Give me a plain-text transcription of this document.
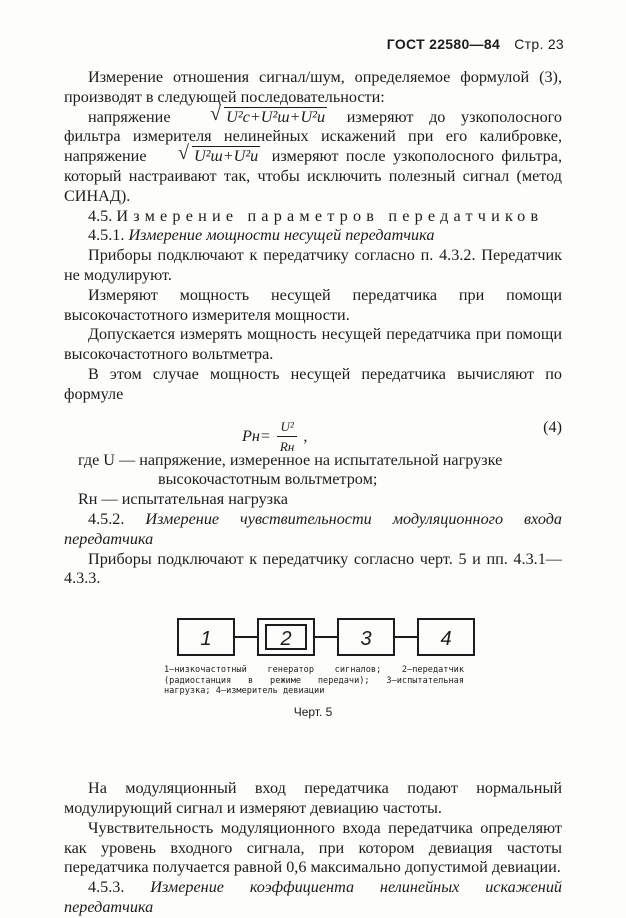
ГОСТ 22580—84 Стр. 23

Измерение отношения сигнал/шум, определяемое формулой (3), производят в следующей последовательности:

напряжение	√ U²с+U²ш+U²и измеряют до узкополосного фильтра измерителя нелинейных искажений при его калибровке, напряжение	√ U²ш+U²и измеряют после узкополосного фильтра, который настраивают так, чтобы исключить полезный сигнал (метод СИНАД).

4.5. Измерение параметров передатчиков

4.5.1. Измерение мощности несущей передатчика

Приборы подключают к передатчику согласно п. 4.3.2. Передатчик не модулируют.

Измеряют мощность несущей передатчика при помощи высокочастотного измерителя мощности.

Допускается измерять мощность несущей передатчика при помощи высокочастотного вольтметра.

В этом случае мощность несущей передатчика вычисляют по формуле

$Pн= \frac{\text{U²}}{Rн}$ ,
(4)

где U — напряжение, измеренное на испытательной нагрузке

высокочастотным вольтметром;

Rн — испытательная нагрузка

4.5.2. Измерение чувствительности модуляционного входа передатчика

Приборы подключают к передатчику согласно черт. 5 и пп. 4.3.1—4.3.3.

1	2	3	4
1—низкочастотный генератор сигналов; 2—передатчик (радиостанция в режиме передачи); 3—испытательная нагрузка; 4—измеритель девиации
Черт. 5

На модуляционный вход передатчика подают нормальный модулирующий сигнал и измеряют девиацию частоты.

Чувствительность модуляционного входа передатчика определяют как уровень входного сигнала, при котором девиация частоты передатчика получается равной 0,6 максимально допустимой девиации.

4.5.3. Измерение коэффициента нелинейных искажений передатчика
